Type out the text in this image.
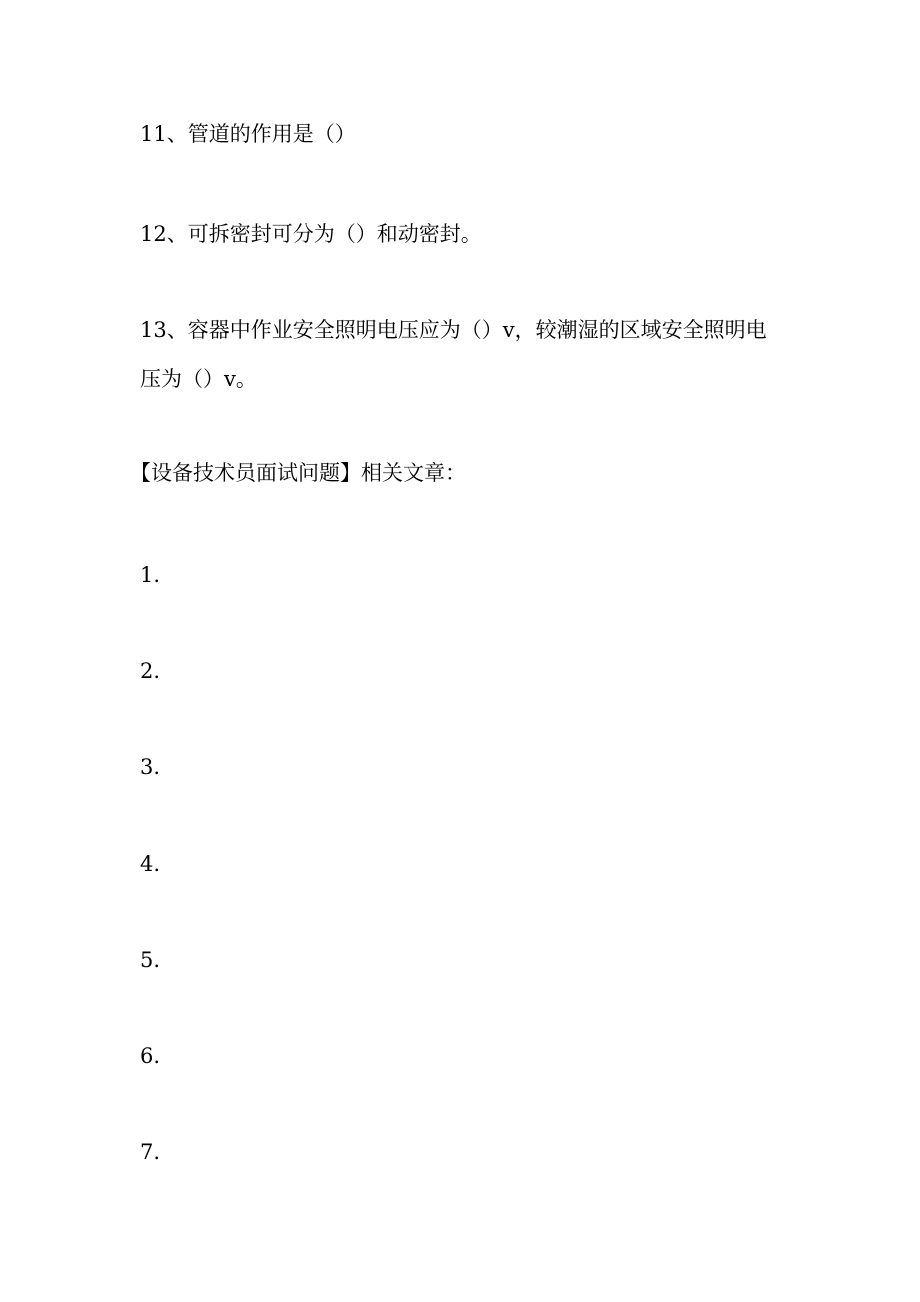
11、管道的作用是（）
12、可拆密封可分为（）和动密封。
13、容器中作业安全照明电压应为（）v，较潮湿的区域安全照明电
压为（）v。
【设备技术员面试问题】相关文章：
1.
2.
3.
4.
5.
6.
7.
